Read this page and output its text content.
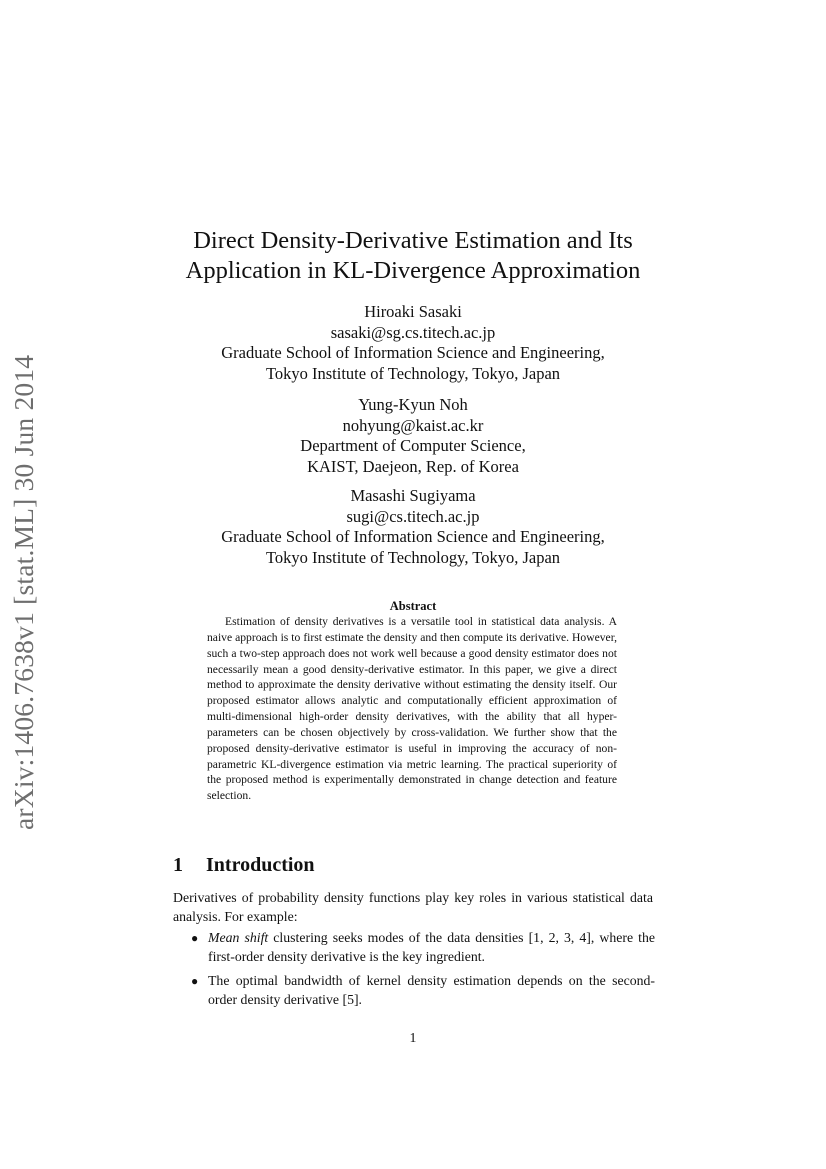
arXiv:1406.7638v1 [stat.ML] 30 Jun 2014
Direct Density-Derivative Estimation and Its
Application in KL-Divergence Approximation
Hiroaki Sasaki
sasaki@sg.cs.titech.ac.jp
Graduate School of Information Science and Engineering,
Tokyo Institute of Technology, Tokyo, Japan
Yung-Kyun Noh
nohyung@kaist.ac.kr
Department of Computer Science,
KAIST, Daejeon, Rep. of Korea
Masashi Sugiyama
sugi@cs.titech.ac.jp
Graduate School of Information Science and Engineering,
Tokyo Institute of Technology, Tokyo, Japan
Abstract

Estimation of density derivatives is a versatile tool in statistical data analysis. A naive approach is to first estimate the density and then compute its derivative. However, such a two-step approach does not work well because a good density estimator does not necessarily mean a good density-derivative estimator. In this paper, we give a direct method to approximate the density derivative without estimating the density itself. Our proposed estimator allows analytic and computationally efficient approximation of multi-dimensional high-order density derivatives, with the ability that all hyper-parameters can be chosen objectively by cross-validation. We further show that the proposed density-derivative estimator is useful in improving the accuracy of non-parametric KL-divergence estimation via metric learning. The practical superiority of the proposed method is experimentally demonstrated in change detection and feature selection.

1 Introduction

Derivatives of probability density functions play key roles in various statistical data analysis. For example:

● Mean shift clustering seeks modes of the data densities [1, 2, 3, 4], where the first-order density derivative is the key ingredient.
● The optimal bandwidth of kernel density estimation depends on the second-order density derivative [5].
1
